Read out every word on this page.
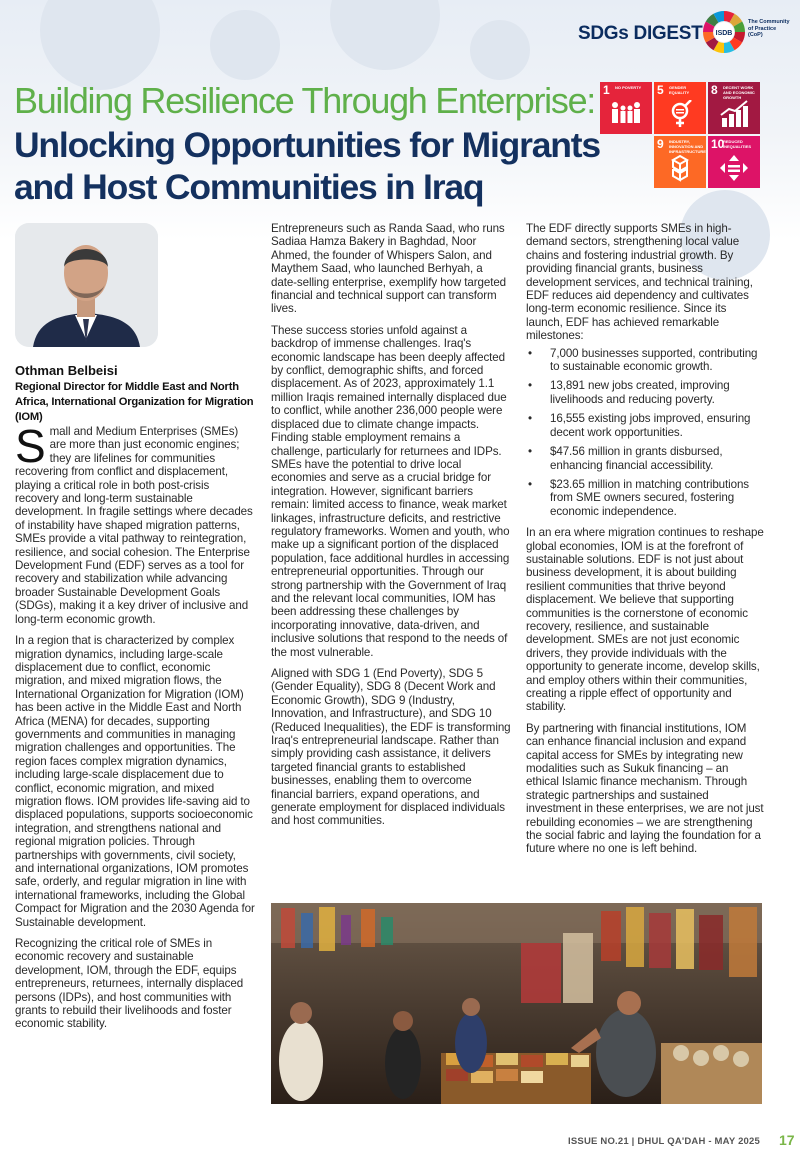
SDGs DIGEST ISDB
The Community of Practice (CoP)
Building Resilience Through Enterprise:
Unlocking Opportunities for Migrants and Host Communities in Iraq
1 NO POVERTY	5 GENDER EQUALITY	8 DECENT WORK AND ECONOMIC GROWTH
9 INDUSTRY, INNOVATION AND INFRASTRUCTURE
10
REDUCED INEQUALITIES
Othman Belbeisi
Regional Director for Middle East and North Africa, International Organization for Migration (IOM)

Small and Medium Enterprises (SMEs) are more than just economic engines; they are lifelines for communities recovering from conflict and displacement, playing a critical role in both post-crisis recovery and long-term sustainable development. In fragile settings where decades of instability have shaped migration patterns, SMEs provide a vital pathway to reintegration, resilience, and social cohesion. The Enterprise Development Fund (EDF) serves as a tool for recovery and stabilization while advancing broader Sustainable Development Goals (SDGs), making it a key driver of inclusive and long-term economic growth.

In a region that is characterized by complex migration dynamics, including large-scale displacement due to conflict, economic migration, and mixed migration flows, the International Organization for Migration (IOM) has been active in the Middle East and North Africa (MENA) for decades, supporting governments and communities in managing migration challenges and opportunities. The region faces complex migration dynamics, including large-scale displacement due to conflict, economic migration, and mixed migration flows. IOM provides life-saving aid to displaced populations, supports socioeconomic integration, and strengthens national and regional migration policies. Through partnerships with governments, civil society, and international organizations, IOM promotes safe, orderly, and regular migration in line with international frameworks, including the Global Compact for Migration and the 2030 Agenda for Sustainable development.

Recognizing the critical role of SMEs in economic recovery and sustainable development, IOM, through the EDF, equips entrepreneurs, returnees, internally displaced persons (IDPs), and host communities with grants to rebuild their livelihoods and foster economic stability.

Entrepreneurs such as Randa Saad, who runs Sadiaa Hamza Bakery in Baghdad, Noor Ahmed, the founder of Whispers Salon, and Maythem Saad, who launched Berhyah, a date-selling enterprise, exemplify how targeted financial and technical support can transform lives.

These success stories unfold against a backdrop of immense challenges. Iraq's economic landscape has been deeply affected by conflict, demographic shifts, and forced displacement. As of 2023, approximately 1.1 million Iraqis remained internally displaced due to conflict, while another 236,000 people were displaced due to climate change impacts. Finding stable employment remains a challenge, particularly for returnees and IDPs. SMEs have the potential to drive local economies and serve as a crucial bridge for integration. However, significant barriers remain: limited access to finance, weak market linkages, infrastructure deficits, and restrictive regulatory frameworks. Women and youth, who make up a significant portion of the displaced population, face additional hurdles in accessing entrepreneurial opportunities. Through our strong partnership with the Government of Iraq and the relevant local communities, IOM has been addressing these challenges by incorporating innovative, data-driven, and inclusive solutions that respond to the needs of the most vulnerable.

Aligned with SDG 1 (End Poverty), SDG 5 (Gender Equality), SDG 8 (Decent Work and Economic Growth), SDG 9 (Industry, Innovation, and Infrastructure), and SDG 10 (Reduced Inequalities), the EDF is transforming Iraq's entrepreneurial landscape. Rather than simply providing cash assistance, it delivers targeted financial grants to established businesses, enabling them to overcome financial barriers, expand operations, and generate employment for displaced individuals and host communities.

The EDF directly supports SMEs in high-demand sectors, strengthening local value chains and fostering industrial growth. By providing financial grants, business development services, and technical training, EDF reduces aid dependency and cultivates long-term economic resilience. Since its launch, EDF has achieved remarkable milestones:

• 7,000 businesses supported, contributing to sustainable economic growth.
• 13,891 new jobs created, improving livelihoods and reducing poverty.
• 16,555 existing jobs improved, ensuring decent work opportunities.
• $47.56 million in grants disbursed, enhancing financial accessibility.
• $23.65 million in matching contributions from SME owners secured, fostering economic independence.

In an era where migration continues to reshape global economies, IOM is at the forefront of sustainable solutions. EDF is not just about business development, it is about building resilient communities that thrive beyond displacement. We believe that supporting communities is the cornerstone of economic recovery, resilience, and sustainable development. SMEs are not just economic drivers, they provide individuals with the opportunity to generate income, develop skills, and employ others within their communities, creating a ripple effect of opportunity and stability.

By partnering with financial institutions, IOM can enhance financial inclusion and expand capital access for SMEs by integrating new modalities such as Sukuk financing – an ethical Islamic finance mechanism. Through strategic partnerships and sustained investment in these enterprises, we are not just rebuilding economies – we are strengthening the social fabric and laying the foundation for a future where no one is left behind.

ISSUE NO.21 | DHUL QA'DAH - MAY 2025 17
